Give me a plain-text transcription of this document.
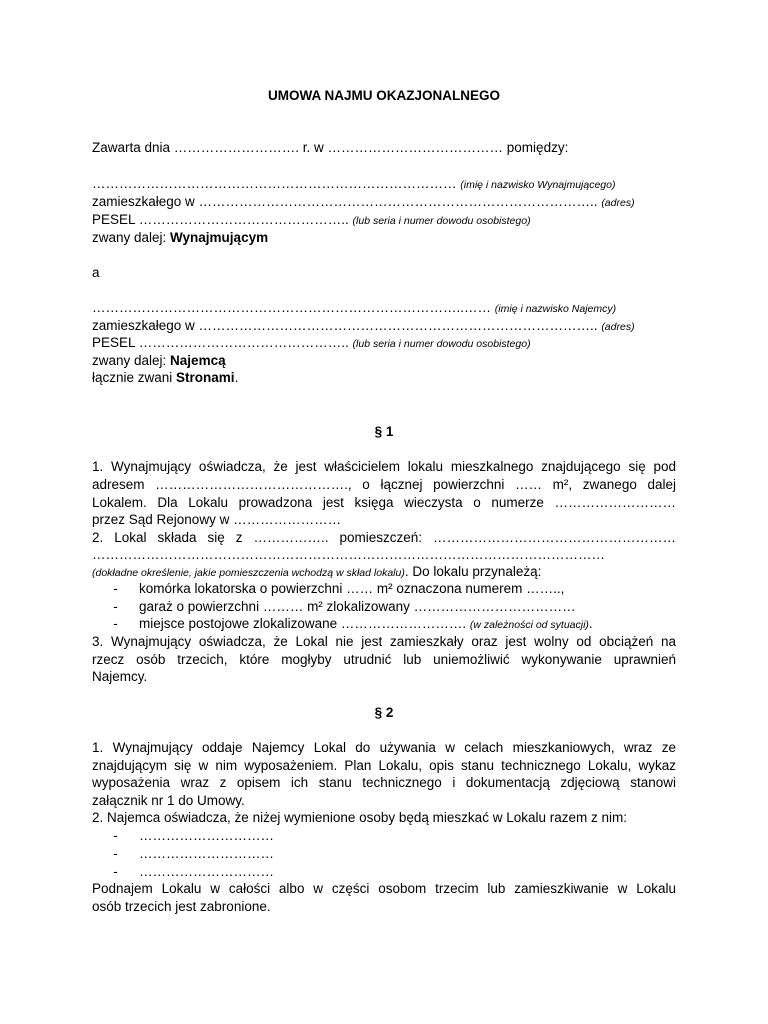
UMOWA NAJMU OKAZJONALNEGO
Zawarta dnia ………………………. r. w ………………………………… pomiędzy:
……………………………………………………………………… (imię i nazwisko Wynajmującego)
zamieszkałego w …………………………………………………………………………….. (adres)
PESEL ……………………………………….. (lub seria i numer dowodu osobistego)
zwany dalej: Wynajmującym
a
………………………………………………………………………..…… (imię i nazwisko Najemcy)
zamieszkałego w …………………………………………………………………………….. (adres)
PESEL ……………………………………….. (lub seria i numer dowodu osobistego)
zwany dalej: Najemcą
łącznie zwani Stronami.
§ 1
1. Wynajmujący oświadcza, że jest właścicielem lokalu mieszkalnego znajdującego się pod
adresem ……………………………………., o łącznej powierzchni …… m², zwanego dalej
Lokalem. Dla Lokalu prowadzona jest księga wieczysta o numerze ………………………
przez Sąd Rejonowy w ……………………
2. Lokal składa się z …………….. pomieszczeń: ………………………………………………
……………………………………………………………………………………………………
(dokładne określenie, jakie pomieszczenia wchodzą w skład lokalu). Do lokalu przynależą:
- komórka lokatorska o powierzchni …… m² oznaczona numerem ……..,
- garaż o powierzchni ……… m² zlokalizowany ………………………………
- miejsce postojowe zlokalizowane ………………………. (w zależności od sytuacji).
3. Wynajmujący oświadcza, że Lokal nie jest zamieszkały oraz jest wolny od obciążeń na
rzecz osób trzecich, które mogłyby utrudnić lub uniemożliwić wykonywanie uprawnień
Najemcy.
§ 2
1. Wynajmujący oddaje Najemcy Lokal do używania w celach mieszkaniowych, wraz ze
znajdującym się w nim wyposażeniem. Plan Lokalu, opis stanu technicznego Lokalu, wykaz
wyposażenia wraz z opisem ich stanu technicznego i dokumentacją zdjęciową stanowi
załącznik nr 1 do Umowy.
2. Najemca oświadcza, że niżej wymienione osoby będą mieszkać w Lokalu razem z nim:
- …………………………
- …………………………
- …………………………
Podnajem Lokalu w całości albo w części osobom trzecim lub zamieszkiwanie w Lokalu
osób trzecich jest zabronione.
